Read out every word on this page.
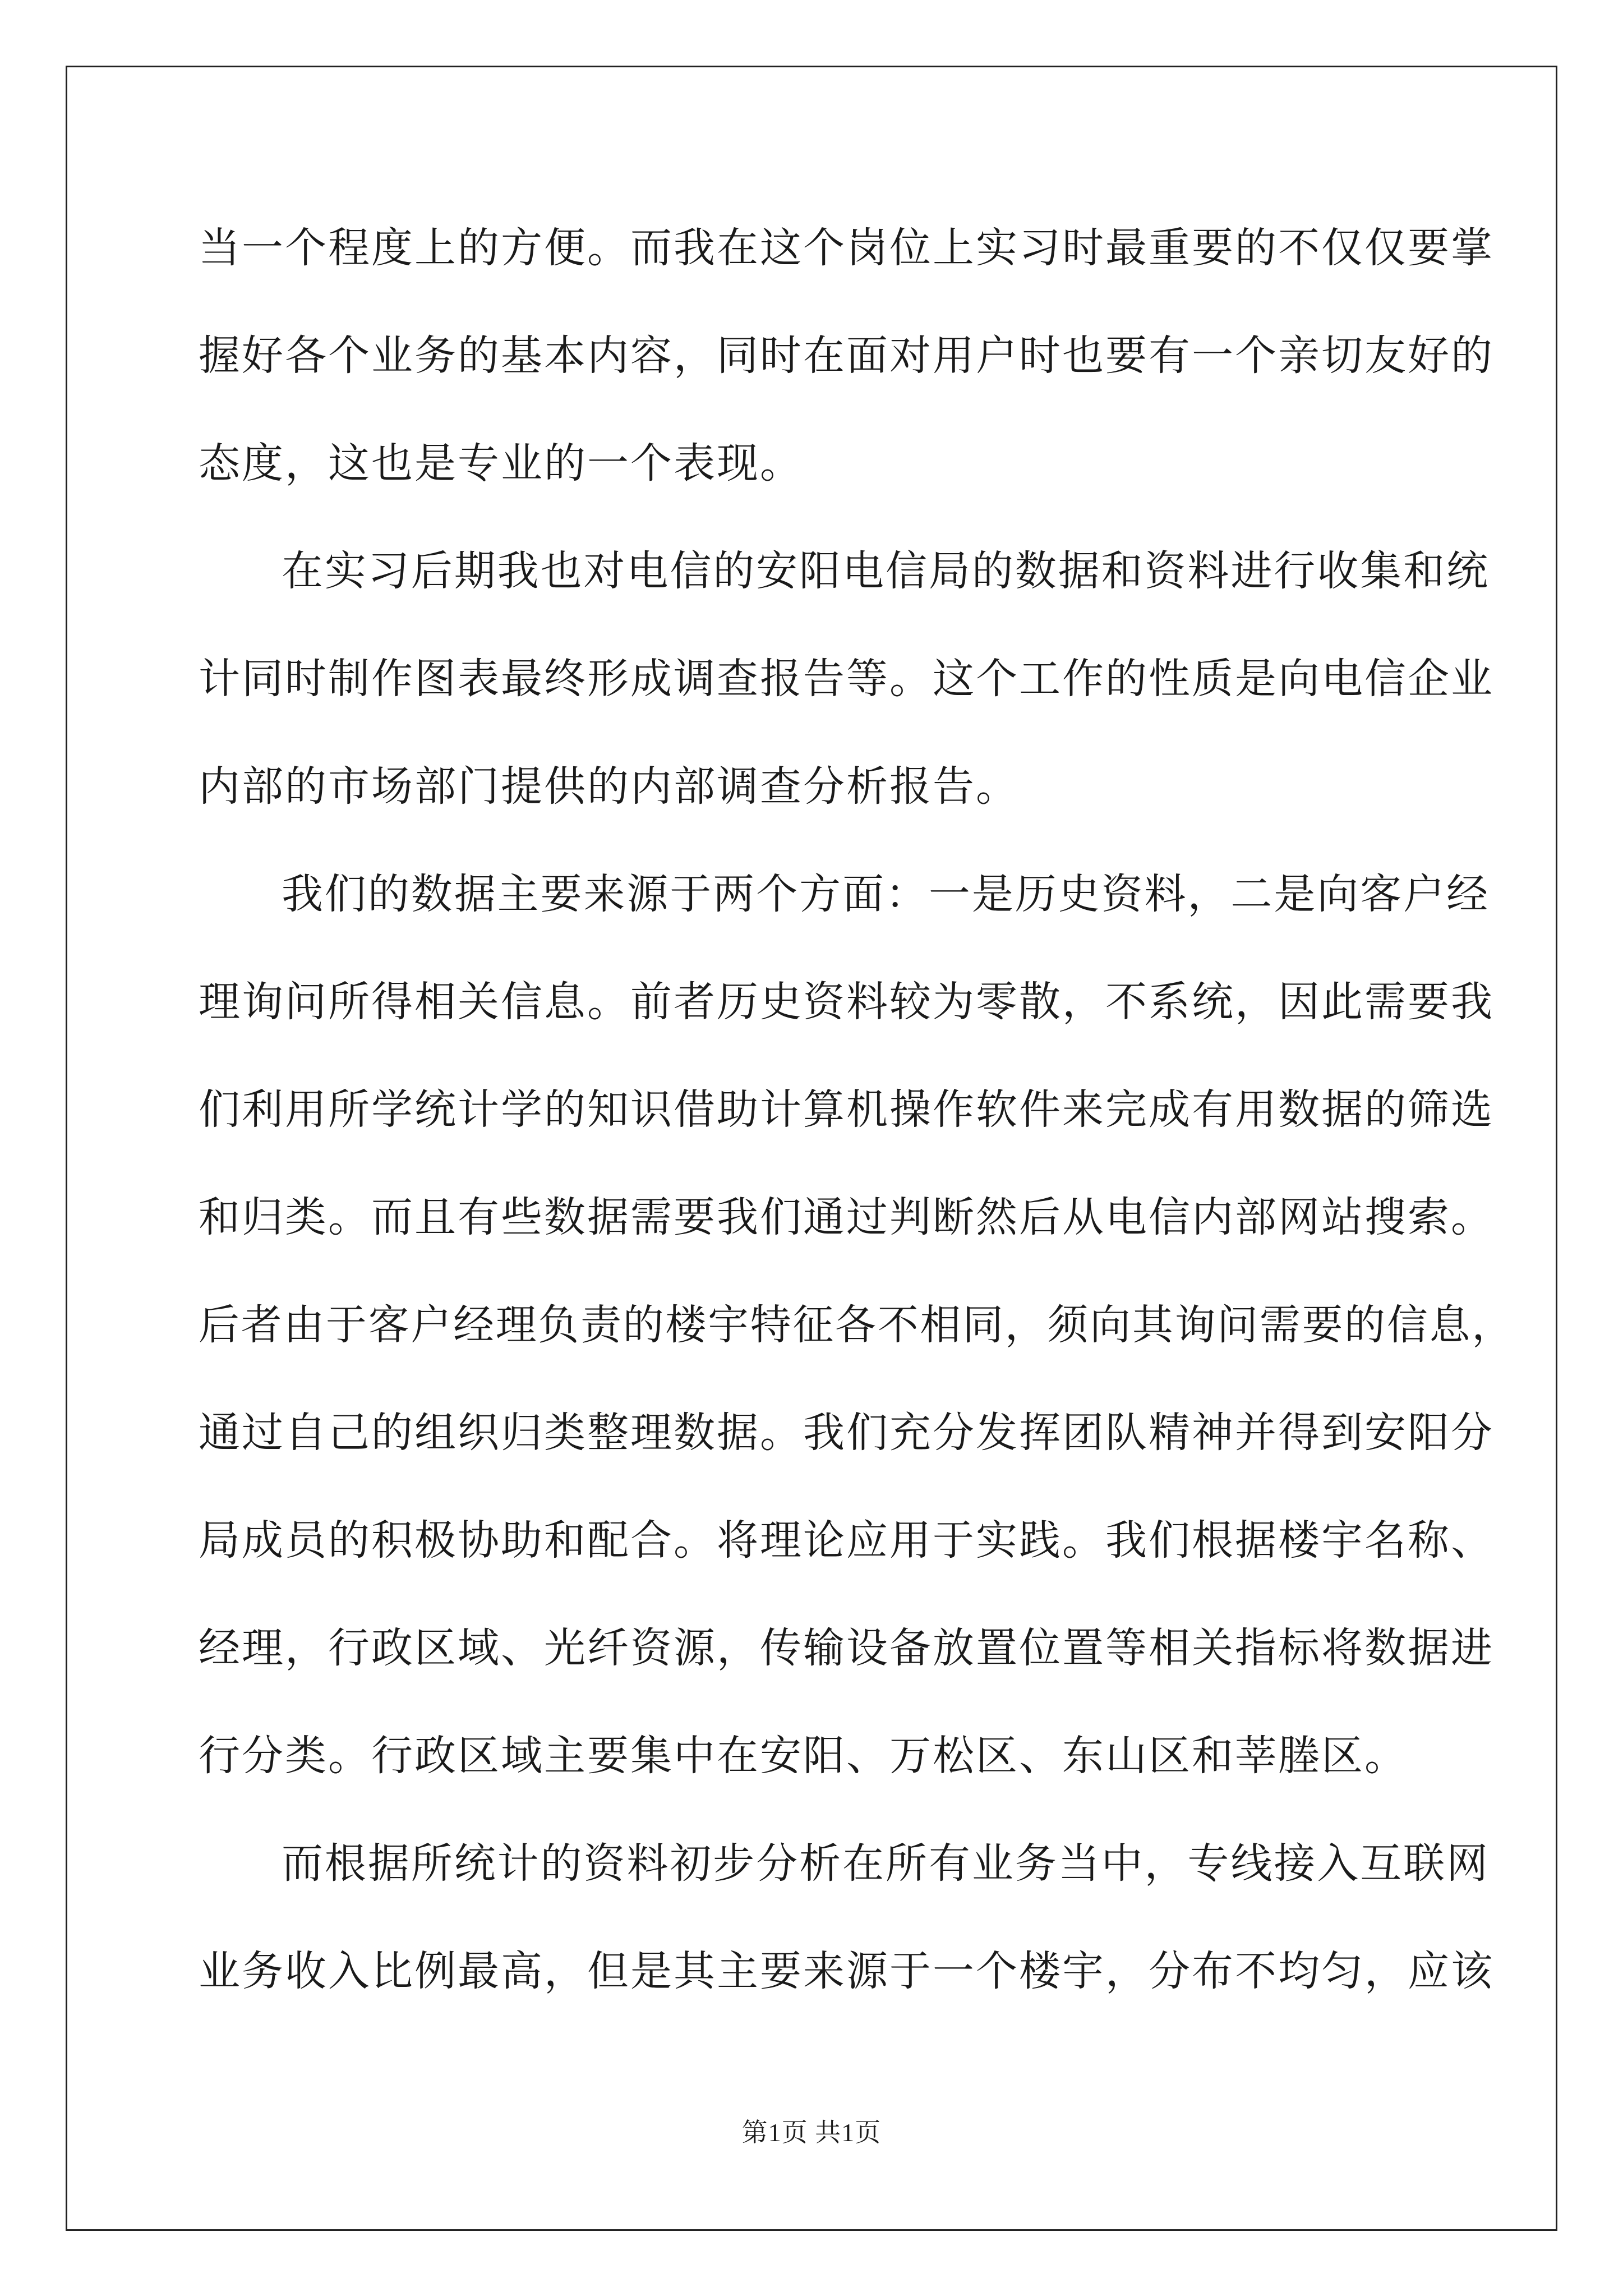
当一个程度上的方便。而我在这个岗位上实习时最重要的不仅仅要掌

握好各个业务的基本内容，同时在面对用户时也要有一个亲切友好的

态度，这也是专业的一个表现。

在实习后期我也对电信的安阳电信局的数据和资料进行收集和统

计同时制作图表最终形成调查报告等。这个工作的性质是向电信企业

内部的市场部门提供的内部调查分析报告。

我们的数据主要来源于两个方面：一是历史资料，二是向客户经

理询问所得相关信息。前者历史资料较为零散，不系统，因此需要我

们利用所学统计学的知识借助计算机操作软件来完成有用数据的筛选

和归类。而且有些数据需要我们通过判断然后从电信内部网站搜索。

后者由于客户经理负责的楼宇特征各不相同，须向其询问需要的信息，

通过自己的组织归类整理数据。我们充分发挥团队精神并得到安阳分

局成员的积极协助和配合。将理论应用于实践。我们根据楼宇名称、

经理，行政区域、光纤资源，传输设备放置位置等相关指标将数据进

行分类。行政区域主要集中在安阳、万松区、东山区和莘塍区。

而根据所统计的资料初步分析在所有业务当中，专线接入互联网

业务收入比例最高，但是其主要来源于一个楼宇，分布不均匀，应该

第1页 共1页
